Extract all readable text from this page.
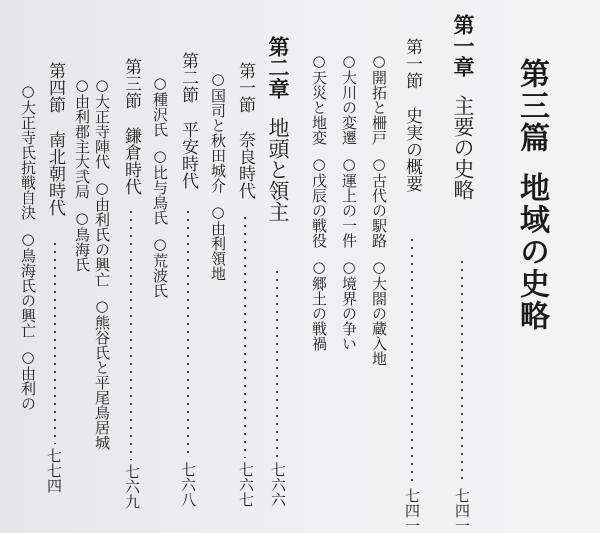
第三篇地域の史略
第一章主要の史略
七四一
第一節史実の概要
七四一
○開拓と柵戸○古代の駅路○大閤の蔵入地
○大川の変遷○運上の一件○境界の争い
○天災と地変○戊辰の戦役○郷土の戦禍
第二章地頭と領主
七六六
第一節奈良時代
七六七
○国司と秋田城介○由利領地
第二節平安時代
七六八
○種沢氏○比与鳥氏○荒波氏
第三節鎌倉時代
七六九
○大正寺陣代○由利氏の興亡○熊谷氏と平尾鳥居城
○由利郡主大弐局○鳥海氏
第四節南北朝時代
七七四
○大正寺氏抗戦自決○鳥海氏の興亡○由利の
